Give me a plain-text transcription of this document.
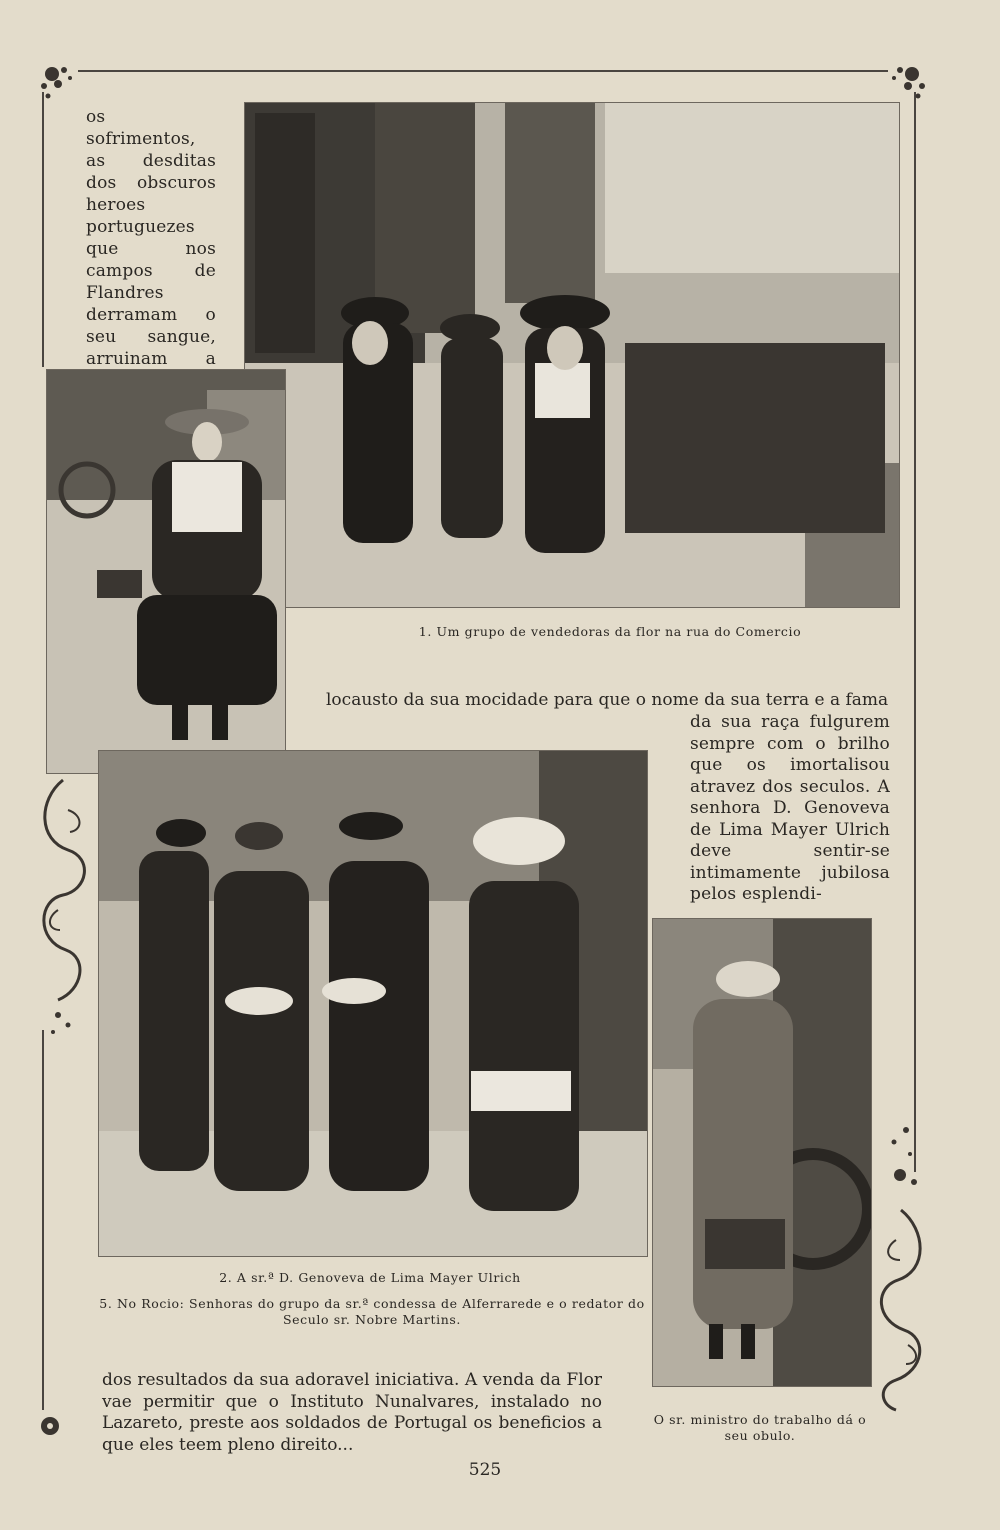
os sofrimentos, as desditas dos obscuros heroes portuguezes que nos campos de Flandres derramam o seu sangue, arruinam a
1. Um grupo de vendedoras da flor na rua do Comercio
locausto da sua mocidade para que o nome da sua terra e a fama
da sua raça fulgurem sempre com o brilho que os imortalisou atravez dos seculos. A senhora D. Genoveva de Lima Mayer Ulrich deve sentir-se intimamente jubilosa pelos esplendi-
2. A sr.ª D. Genoveva de Lima Mayer Ulrich
5. No Rocio: Senhoras do grupo da sr.ª condessa de Alferrarede e o redator do Seculo sr. Nobre Martins.
O sr. ministro do trabalho dá o seu obulo.
dos resultados da sua adoravel iniciativa. A venda da Flor vae permitir que o Instituto Nunalvares, instalado no Lazareto, preste aos soldados de Portugal os beneficios a que eles teem pleno direito...
525
